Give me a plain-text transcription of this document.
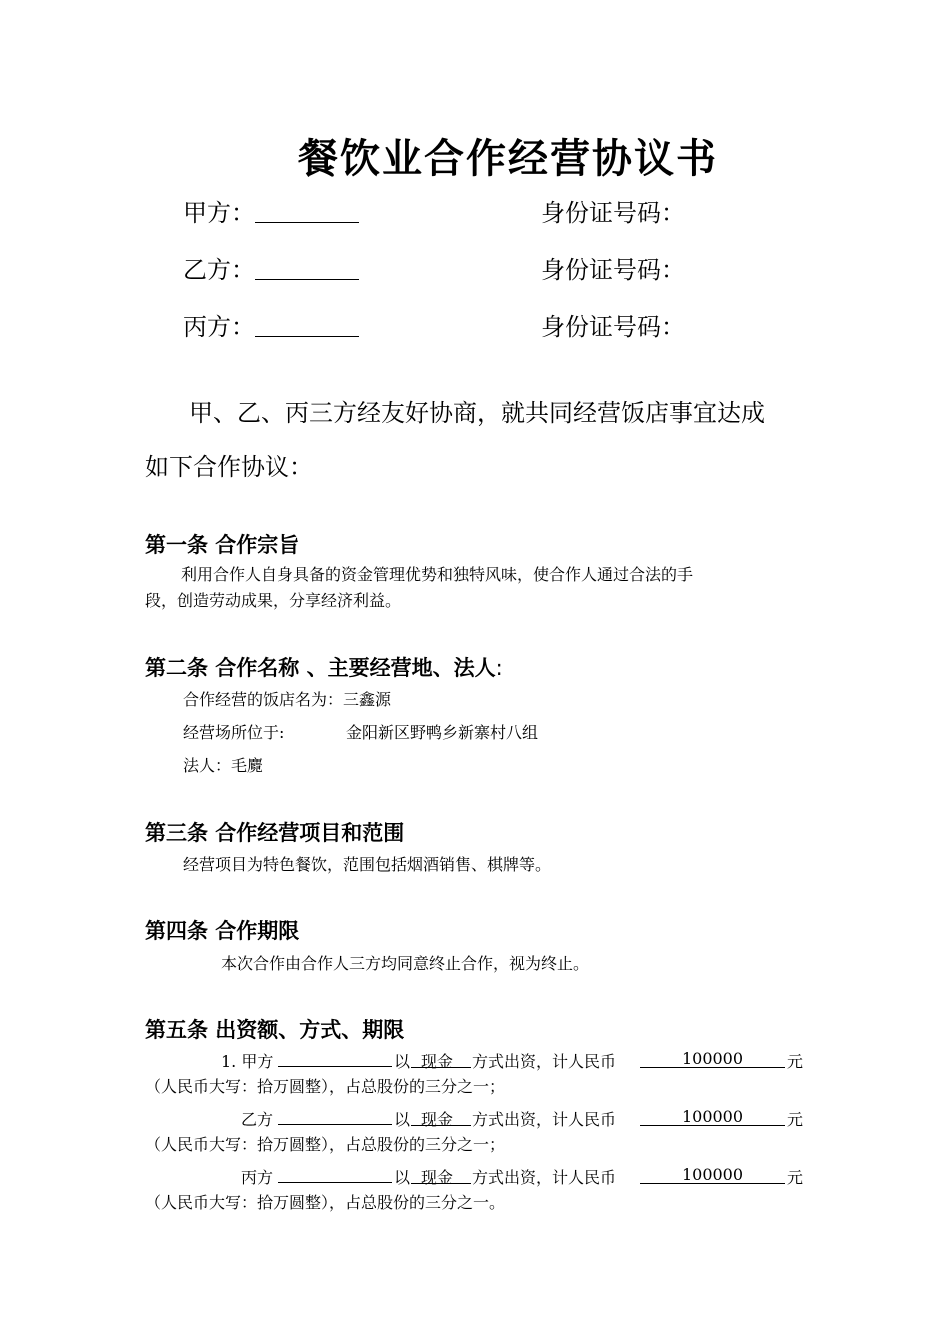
餐饮业合作经营协议书
甲方：	身份证号码：
乙方：	身份证号码：
丙方：	身份证号码：

甲、乙、丙三方经友好协商，就共同经营饭店事宜达成

如下合作协议：

第一条 合作宗旨

利用合作人自身具备的资金管理优势和独特风味，使合作人通过合法的手

段，创造劳动成果，分享经济利益。

第二条 合作名称 、主要经营地、法人:
合作经营的饭店名为：三鑫源
经营场所位于:	金阳新区野鸭乡新寨村八组
法人：毛麑
第三条 合作经营项目和范围
经营项目为特色餐饮，范围包括烟酒销售、棋牌等。
第四条 合作期限
本次合作由合作人三方均同意终止合作，视为终止。
第五条 出资额、方式、期限
1. 甲方	以 现金	方式出资，计人民币	100000	元
（人民币大写：拾万圆整），占总股份的三分之一；
乙方	以 现金	方式出资，计人民币	100000	元
（人民币大写：拾万圆整），占总股份的三分之一；
丙方	以 现金	方式出资，计人民币	100000	元
（人民币大写：拾万圆整），占总股份的三分之一。
